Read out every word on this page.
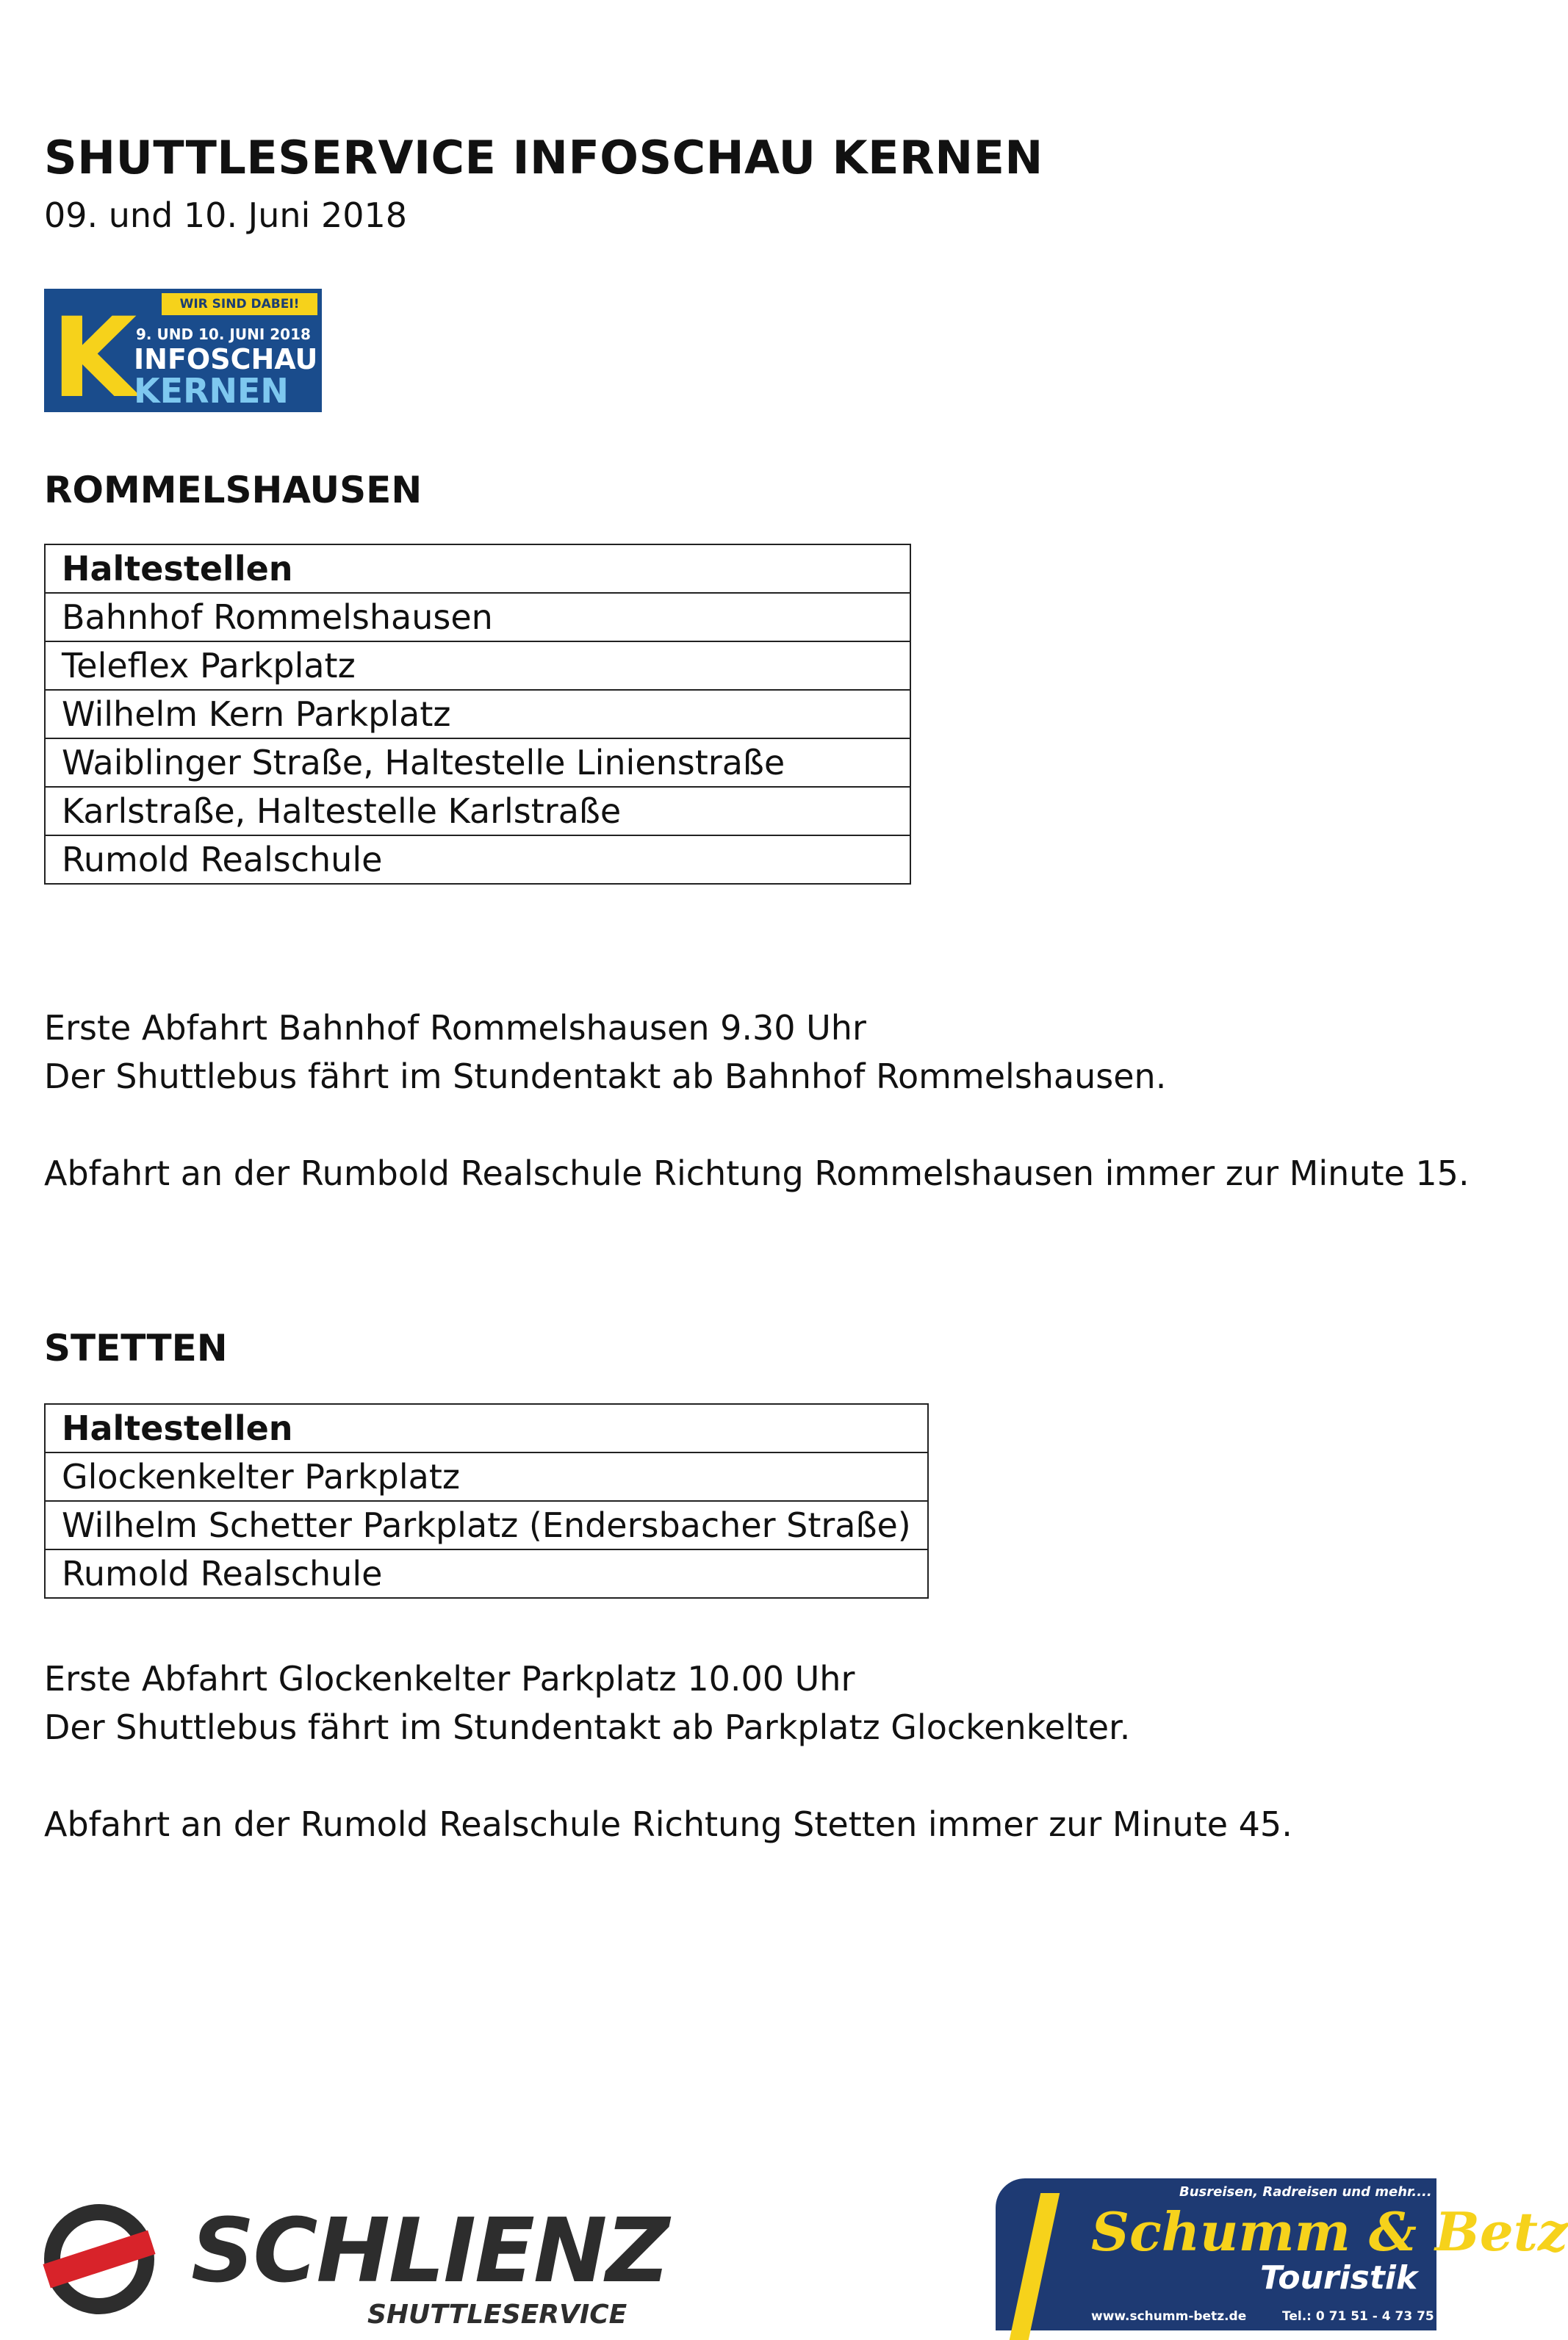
SHUTTLESERVICE INFOSCHAU KERNEN
09. und 10. Juni 2018
WIR SIND DABEI!
K
9. UND 10. JUNI 2018
INFOSCHAU
KERNEN
ROMMELSHAUSEN
Haltestellen
Bahnhof Rommelshausen
Teleflex Parkplatz
Wilhelm Kern Parkplatz
Waiblinger Straße, Haltestelle Linienstraße
Karlstraße, Haltestelle Karlstraße
Rumold Realschule
Erste Abfahrt Bahnhof Rommelshausen 9.30 Uhr
Der Shuttlebus fährt im Stundentakt ab Bahnhof Rommelshausen.
Abfahrt an der Rumbold Realschule Richtung Rommelshausen immer zur Minute 15.
STETTEN
Haltestellen
Glockenkelter Parkplatz
Wilhelm Schetter Parkplatz (Endersbacher Straße)
Rumold Realschule
Erste Abfahrt Glockenkelter Parkplatz 10.00 Uhr
Der Shuttlebus fährt im Stundentakt ab Parkplatz Glockenkelter.
Abfahrt an der Rumold Realschule Richtung Stetten immer zur Minute 45.
SCHLIENZ
SHUTTLESERVICE
Busreisen, Radreisen und mehr....
Schumm & Betz
Touristik
www.schumm-betz.de	Tel.: 0 71 51 - 4 73 75
